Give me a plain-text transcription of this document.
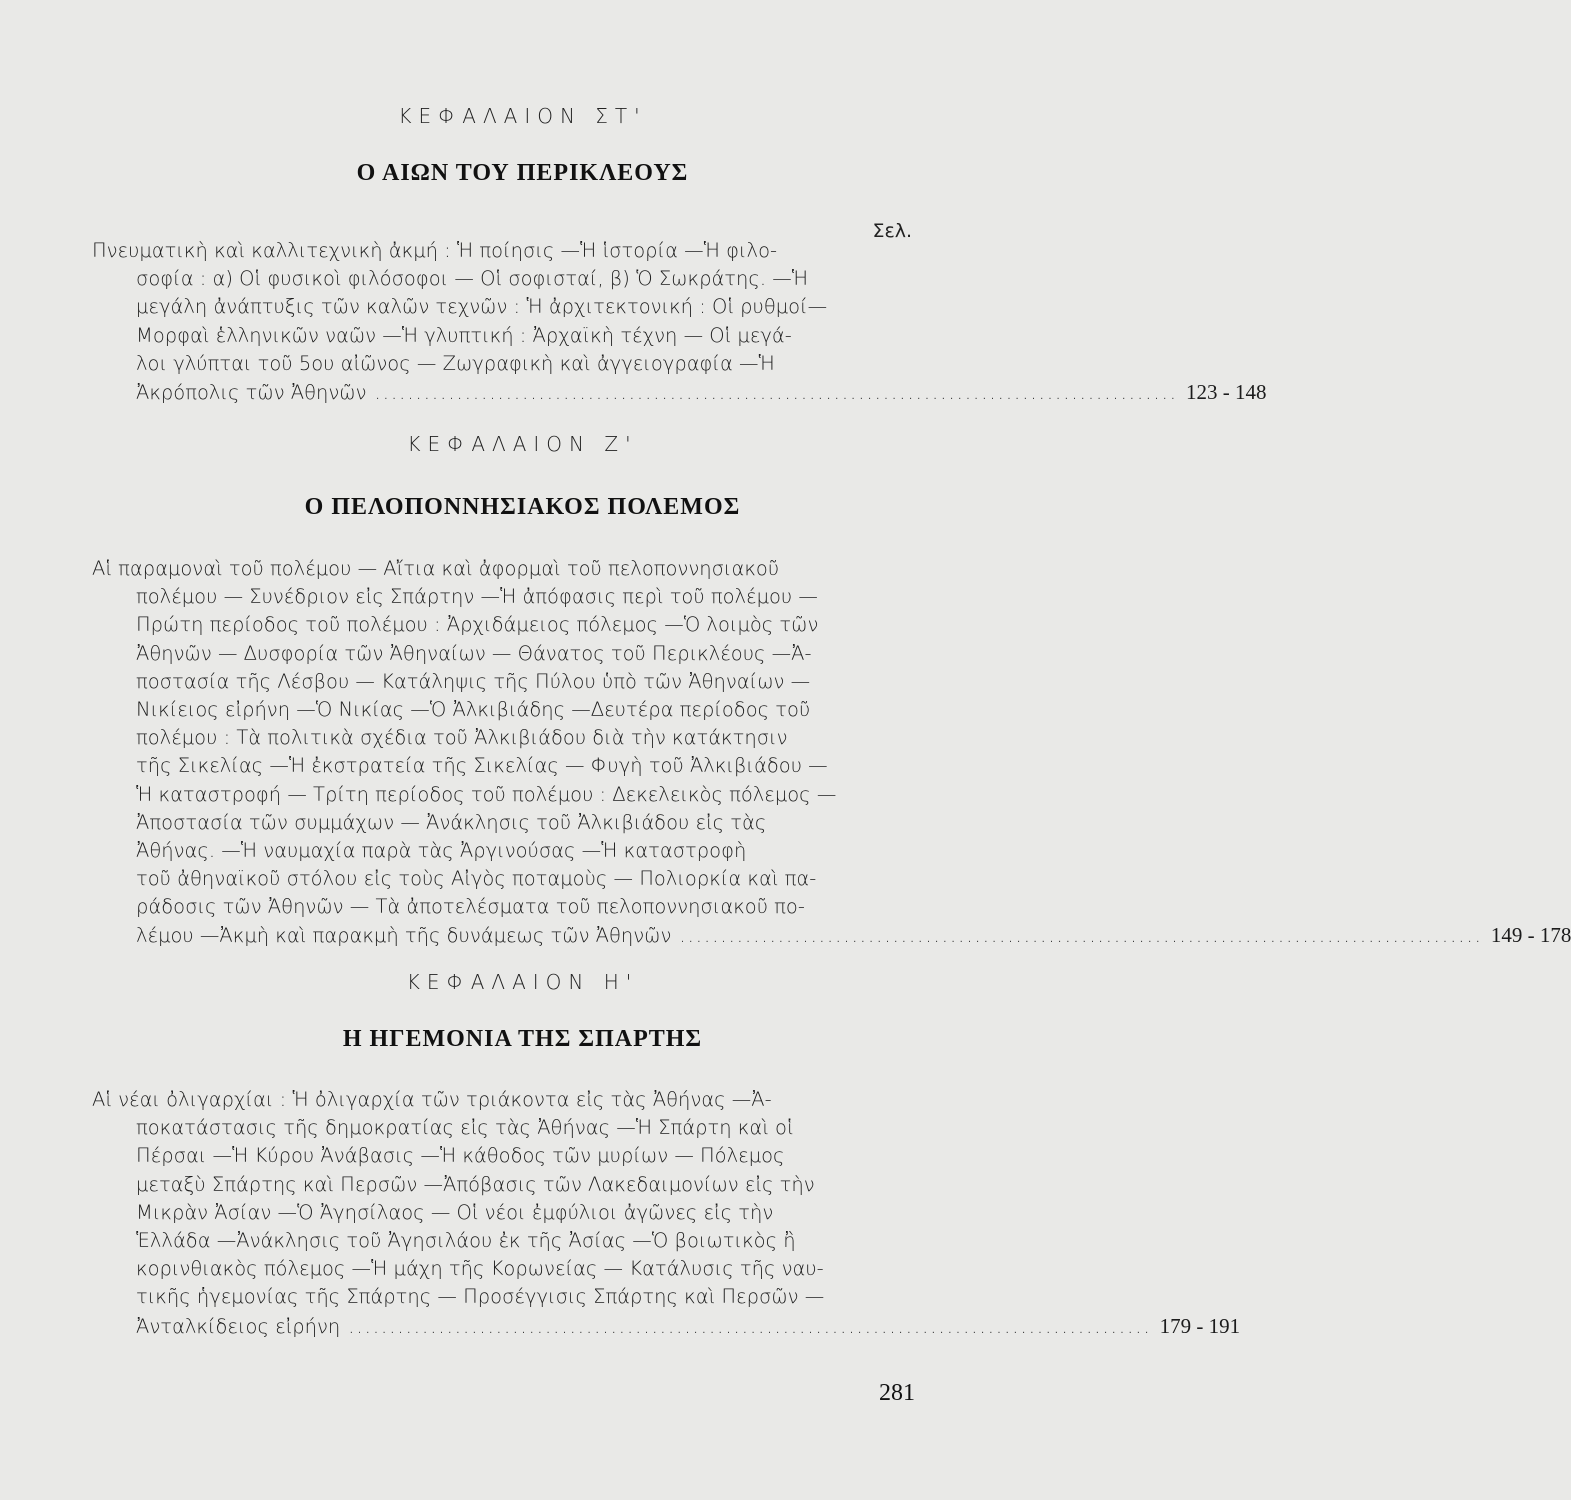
ΚΕΦΑΛΑΙΟΝ ΣΤ'
Ο ΑΙΩΝ ΤΟΥ ΠΕΡΙΚΛΕΟΥΣ
Σελ.
Πνευματικὴ καὶ καλλιτεχνικὴ ἀκμή : Ἡ ποίησις —Ἡ ἱστορία —Ἡ φιλο-
σοφία : α) Οἱ φυσικοὶ φιλόσοφοι — Οἱ σοφισταί, β) Ὁ Σωκράτης. —Ἡ
μεγάλη ἀνάπτυξις τῶν καλῶν τεχνῶν : Ἡ ἀρχιτεκτονική : Οἱ ρυθμοί—
Μορφαὶ ἑλληνικῶν ναῶν —Ἡ γλυπτική : Ἀρχαϊκὴ τέχνη — Οἱ μεγά-
λοι γλύπται τοῦ 5ου αἰῶνος — Ζωγραφικὴ καὶ ἀγγειογραφία —Ἡ
Ἀκρόπολις τῶν Ἀθηνῶν .................................................................................................. 123 - 148
ΚΕΦΑΛΑΙΟΝ Ζ'
Ο ΠΕΛΟΠΟΝΝΗΣΙΑΚΟΣ ΠΟΛΕΜΟΣ
Αἱ παραμοναὶ τοῦ πολέμου — Αἴτια καὶ ἀφορμαὶ τοῦ πελοποννησιακοῦ
πολέμου — Συνέδριον εἰς Σπάρτην —Ἡ ἀπόφασις περὶ τοῦ πολέμου —
Πρώτη περίοδος τοῦ πολέμου : Ἀρχιδάμειος πόλεμος —Ὁ λοιμὸς τῶν
Ἀθηνῶν — Δυσφορία τῶν Ἀθηναίων — Θάνατος τοῦ Περικλέους —Ἀ-
ποστασία τῆς Λέσβου — Κατάληψις τῆς Πύλου ὑπὸ τῶν Ἀθηναίων —
Νικίειος εἰρήνη —Ὁ Νικίας —Ὁ Ἀλκιβιάδης —Δευτέρα περίοδος τοῦ
πολέμου : Τὰ πολιτικὰ σχέδια τοῦ Ἀλκιβιάδου διὰ τὴν κατάκτησιν
τῆς Σικελίας —Ἡ ἐκστρατεία τῆς Σικελίας — Φυγὴ τοῦ Ἀλκιβιάδου —
Ἡ καταστροφή — Τρίτη περίοδος τοῦ πολέμου : Δεκελεικὸς πόλεμος —
Ἀποστασία τῶν συμμάχων — Ἀνάκλησις τοῦ Ἀλκιβιάδου εἰς τὰς
Ἀθήνας. —Ἡ ναυμαχία παρὰ τὰς Ἀργινούσας —Ἡ καταστροφὴ
τοῦ ἀθηναϊκοῦ στόλου εἰς τοὺς Αἰγὸς ποταμοὺς — Πολιορκία καὶ πα-
ράδοσις τῶν Ἀθηνῶν — Τὰ ἀποτελέσματα τοῦ πελοποννησιακοῦ πο-
λέμου —Ἀκμὴ καὶ παρακμὴ τῆς δυνάμεως τῶν Ἀθηνῶν .................................................................................................. 149 - 178
ΚΕΦΑΛΑΙΟΝ Η'
Η ΗΓΕΜΟΝΙΑ ΤΗΣ ΣΠΑΡΤΗΣ
Αἱ νέαι ὀλιγαρχίαι : Ἡ ὀλιγαρχία τῶν τριάκοντα εἰς τὰς Ἀθήνας —Ἀ-
ποκατάστασις τῆς δημοκρατίας εἰς τὰς Ἀθήνας —Ἡ Σπάρτη καὶ οἱ
Πέρσαι —Ἡ Κύρου Ἀνάβασις —Ἡ κάθοδος τῶν μυρίων — Πόλεμος
μεταξὺ Σπάρτης καὶ Περσῶν —Ἀπόβασις τῶν Λακεδαιμονίων εἰς τὴν
Μικρὰν Ἀσίαν —Ὁ Ἀγησίλαος — Οἱ νέοι ἐμφύλιοι ἀγῶνες εἰς τὴν
Ἑλλάδα —Ἀνάκλησις τοῦ Ἀγησιλάου ἐκ τῆς Ἀσίας —Ὁ βοιωτικὸς ἢ
κορινθιακὸς πόλεμος —Ἡ μάχη τῆς Κορωνείας — Κατάλυσις τῆς ναυ-
τικῆς ἡγεμονίας τῆς Σπάρτης — Προσέγγισις Σπάρτης καὶ Περσῶν —
Ἀνταλκίδειος εἰρήνη .................................................................................................. 179 - 191
281
